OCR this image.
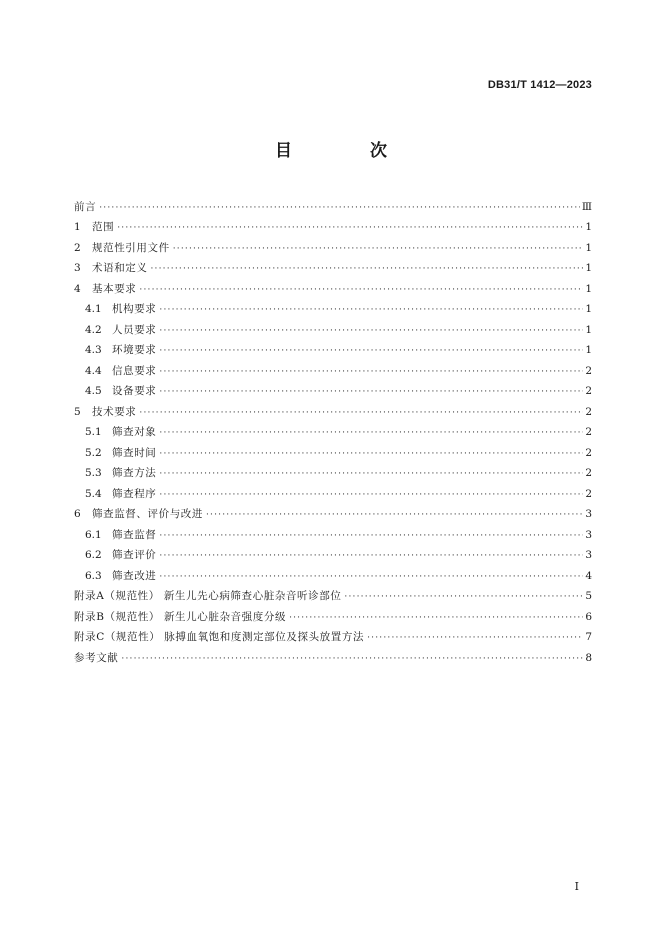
DB31/T 1412—2023
目 次
前言 ·····	Ⅲ
1	范围 ·····	1
2	规范性引用文件 ·····	1
3	术语和定义 ·····	1
4	基本要求 ·····	1
4.1 机构要求 ·····	1
4.2 人员要求 ·····	1
4.3 环境要求 ·····	1
4.4 信息要求 ·····	2
4.5 设备要求 ·····	2
5	技术要求 ·····	2
5.1 筛查对象 ·····	2
5.2 筛查时间 ·····	2
5.3 筛查方法 ·····	2
5.4 筛查程序 ·····	2
6	筛查监督、评价与改进 ·····	3
6.1 筛查监督 ·····	3
6.2 筛查评价 ·····	3
6.3 筛查改进 ·····	4
附录A（规范性） 新生儿先心病筛查心脏杂音听诊部位 ·····	5
附录B（规范性） 新生儿心脏杂音强度分级 ·····	6
附录C（规范性） 脉搏血氧饱和度测定部位及探头放置方法 ·····	7
参考文献 ·····	8
I
